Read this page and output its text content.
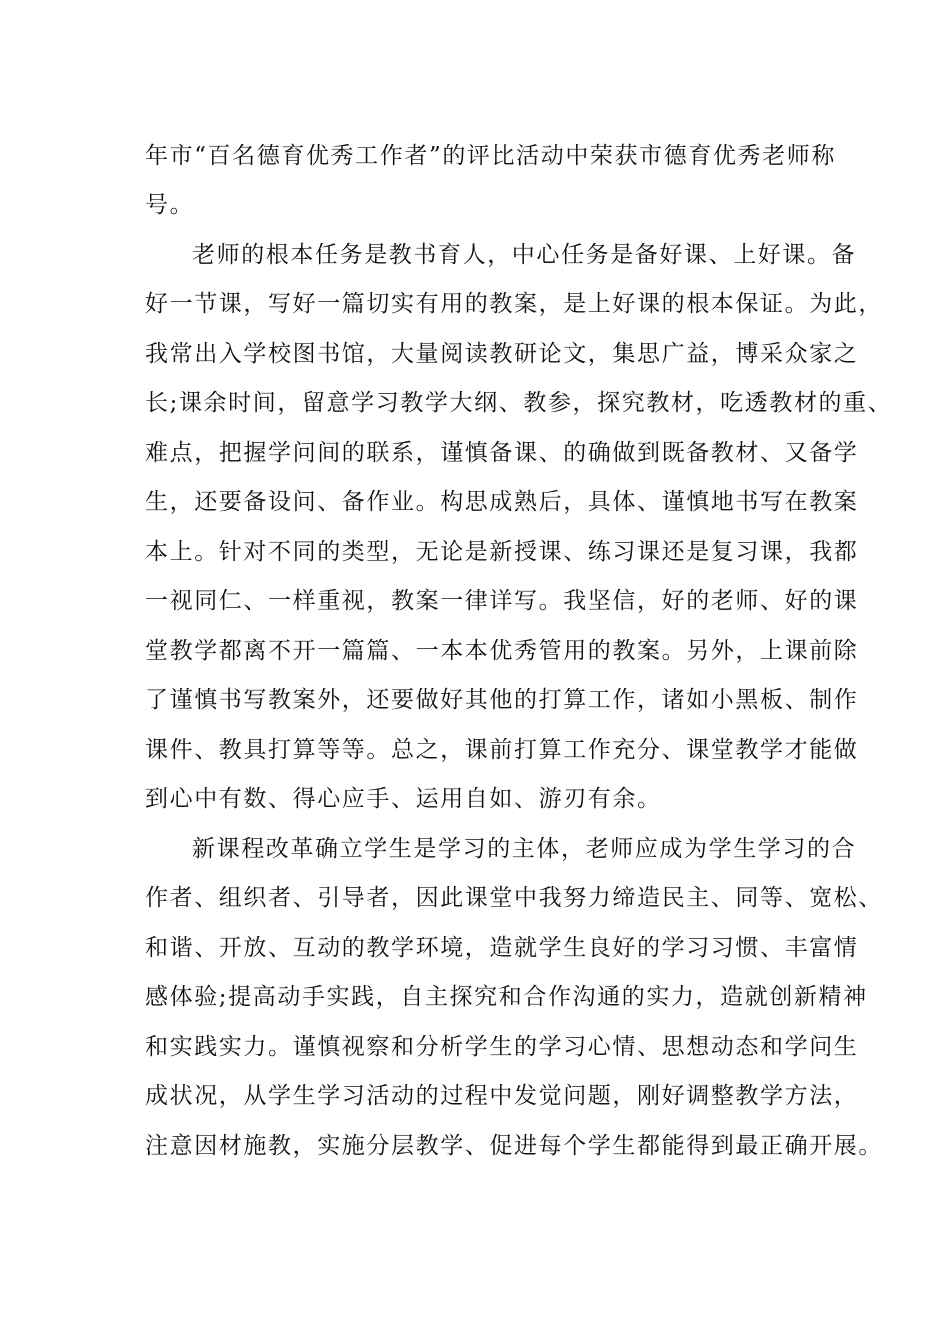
年市“百名德育优秀工作者”的评比活动中荣获市德育优秀老师称
号。
老师的根本任务是教书育人，中心任务是备好课、上好课。备
好一节课，写好一篇切实有用的教案，是上好课的根本保证。为此，
我常出入学校图书馆，大量阅读教研论文，集思广益，博采众家之
长;课余时间，留意学习教学大纲、教参，探究教材，吃透教材的重、
难点，把握学问间的联系，谨慎备课、的确做到既备教材、又备学
生，还要备设问、备作业。构思成熟后，具体、谨慎地书写在教案
本上。针对不同的类型，无论是新授课、练习课还是复习课，我都
一视同仁、一样重视，教案一律详写。我坚信，好的老师、好的课
堂教学都离不开一篇篇、一本本优秀管用的教案。另外，上课前除
了谨慎书写教案外，还要做好其他的打算工作，诸如小黑板、制作
课件、教具打算等等。总之，课前打算工作充分、课堂教学才能做
到心中有数、得心应手、运用自如、游刃有余。
新课程改革确立学生是学习的主体，老师应成为学生学习的合
作者、组织者、引导者，因此课堂中我努力缔造民主、同等、宽松、
和谐、开放、互动的教学环境，造就学生良好的学习习惯、丰富情
感体验;提高动手实践，自主探究和合作沟通的实力，造就创新精神
和实践实力。谨慎视察和分析学生的学习心情、思想动态和学问生
成状况，从学生学习活动的过程中发觉问题，刚好调整教学方法，
注意因材施教，实施分层教学、促进每个学生都能得到最正确开展。
